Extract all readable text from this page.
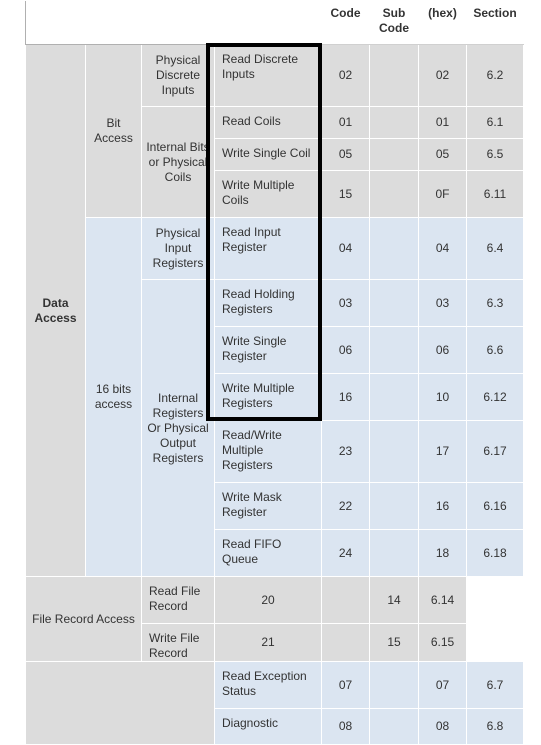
				Code	Sub Code	(hex)	Section
Data Access	Bit Access	Physical Discrete Inputs	Read Discrete Inputs	02		02	6.2
		Internal Bits or Physical Coils	Read Coils	01		01	6.1
			Write Single Coil	05		05	6.5
			Write Multiple Coils	15		0F	6.11
	16 bits access	Physical Input Registers	Read Input Register	04		04	6.4
		Internal Registers Or Physical Output Registers	Read Holding Registers	03		03	6.3
			Write Single Register	06		06	6.6
			Write Multiple Registers	16		10	6.12
			Read/Write Multiple Registers	23		17	6.17
			Write Mask Register	22		16	6.16
			Read FIFO Queue	24		18	6.18
File Record Access		Read File Record	20		14	6.14	
		Write File Record	21		15	6.15	
			Read Exception Status	07		07	6.7
			Diagnostic	08		08	6.8
